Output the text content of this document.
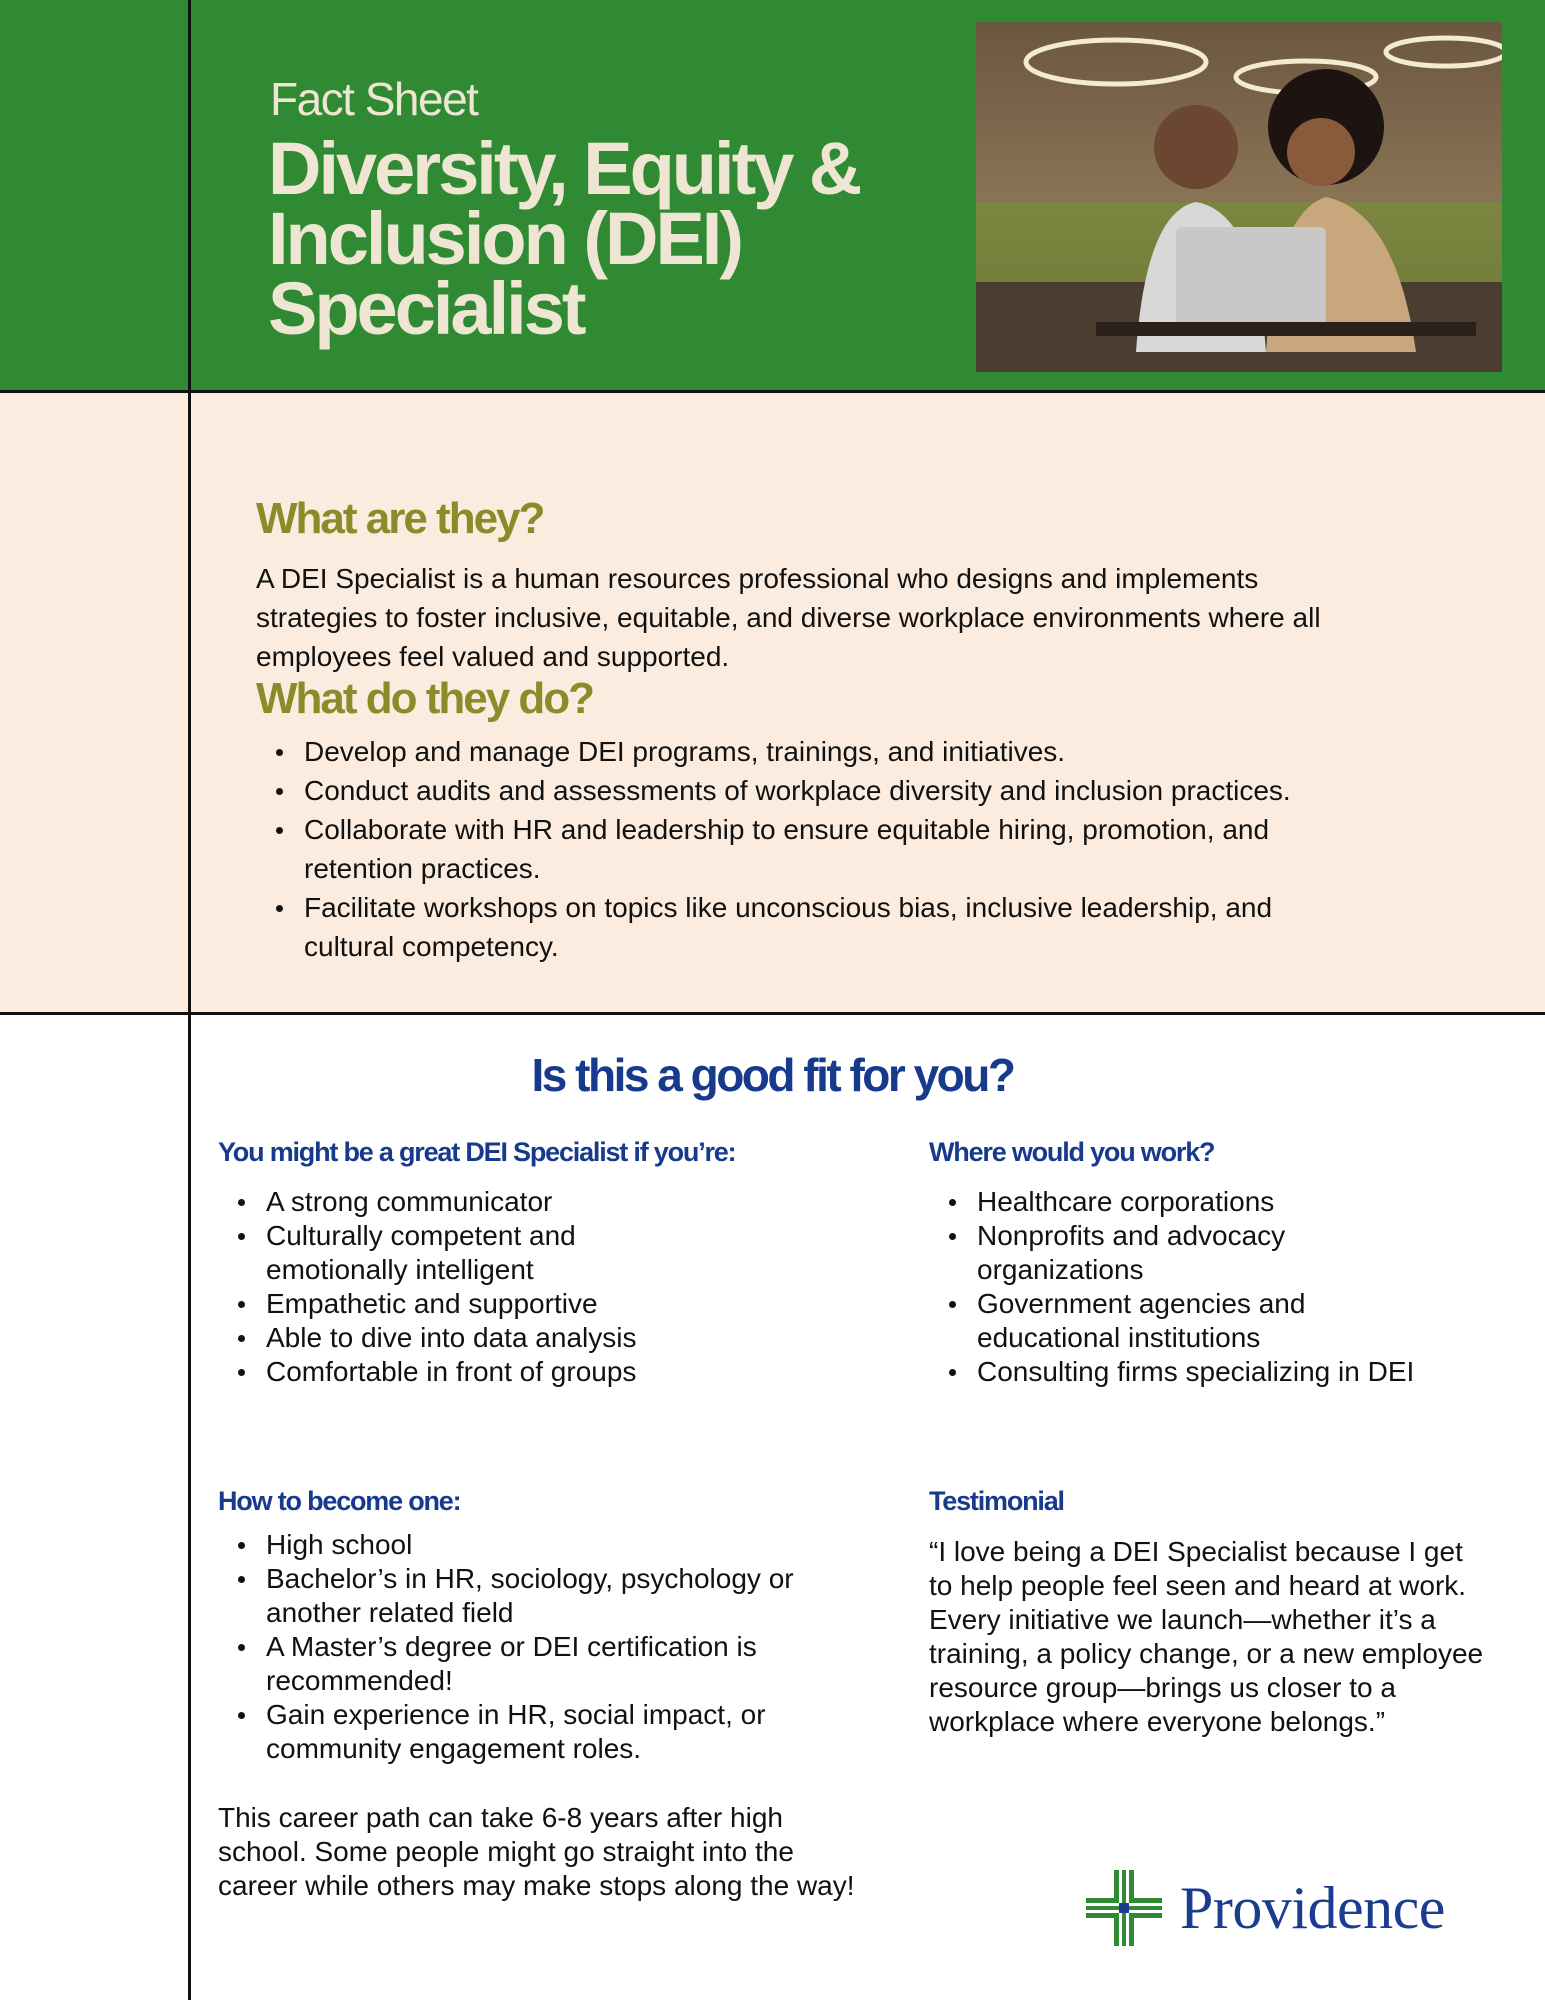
Fact Sheet
Diversity, Equity & Inclusion (DEI) Specialist
What are they?
A DEI Specialist is a human resources professional who designs and implements strategies to foster inclusive, equitable, and diverse workplace environments where all employees feel valued and supported.
What do they do?
Develop and manage DEI programs, trainings, and initiatives.
Conduct audits and assessments of workplace diversity and inclusion practices.
Collaborate with HR and leadership to ensure equitable hiring, promotion, and retention practices.
Facilitate workshops on topics like unconscious bias, inclusive leadership, and cultural competency.
Is this a good fit for you?
You might be a great DEI Specialist if you’re:
A strong communicator
Culturally competent and emotionally intelligent
Empathetic and supportive
Able to dive into data analysis
Comfortable in front of groups
Where would you work?
Healthcare corporations
Nonprofits and advocacy organizations
Government agencies and educational institutions
Consulting firms specializing in DEI
How to become one:
High school
Bachelor’s in HR, sociology, psychology or another related field
A Master’s degree or DEI certification is recommended!
Gain experience in HR, social impact, or community engagement roles.
This career path can take 6-8 years after high school. Some people might go straight into the career while others may make stops along the way!
Testimonial
“I love being a DEI Specialist because I get to help people feel seen and heard at work. Every initiative we launch—whether it’s a training, a policy change, or a new employee resource group—brings us closer to a workplace where everyone belongs.”
Providence
